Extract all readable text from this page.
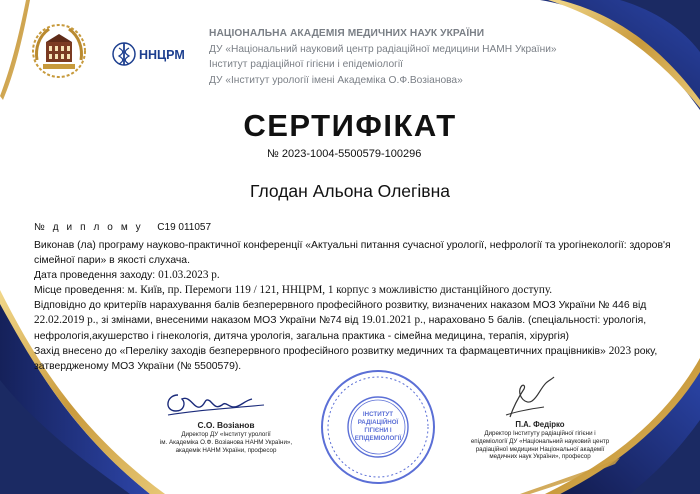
ННЦРМ
НАЦІОНАЛЬНА АКАДЕМІЯ МЕДИЧНИХ НАУК УКРАЇНИ
ДУ «Національний науковий центр радіаційної медицини НАМН України»
Інститут радіаційної гігієни і епідеміології
ДУ «Інститут урології імені Академіка О.Ф.Возіанова»
СЕРТИФІКАТ
№ 2023-1004-5500579-100296
Глодан Альона Олегівна
№ д и п л о м у С19 011057

Виконав (ла) програму науково-практичної конференції «Актуальні питання сучасної урології, нефрології та урогінекології: здоров'я сімейної пари» в якості слухача.

Дата проведення заходу: 01.03.2023 р.

Місце проведення: м. Київ, пр. Перемоги 119 / 121, ННЦРМ, 1 корпус з можливістю дистанційного доступу.

Відповідно до критеріїв нарахування балів безперервного професійного розвитку, визначених наказом МОЗ України № 446 від 22.02.2019 р., зі змінами, внесеними наказом МОЗ України №74 від 19.01.2021 р., нараховано 5 балів. (спеціальності: урологія, нефрологія,акушерство і гінекологія, дитяча урологія, загальна практика - сімейна медицина, терапія, хірургія)

Захід внесено до «Переліку заходів безперервного професійного розвитку медичних та фармацевтичних працівників» 2023 року, затвердженому МОЗ України (№ 5500579).

ІНСТИТУТ
РАДІАЦІЙНОЇ
ГІГІЄНИ І
ЕПІДЕМІОЛОГІЇ
С.О. Возіанов
Директор ДУ «Інститут урології
ім. Академіка О.Ф. Возіанова НАНМ України»,
академік НАНМ України, професор
П.А. Федірко
Директор Інституту радіаційної гігієни і
епідеміології ДУ «Національний науковий центр
радіаційної медицини Національної академії
медичних наук України», професор
